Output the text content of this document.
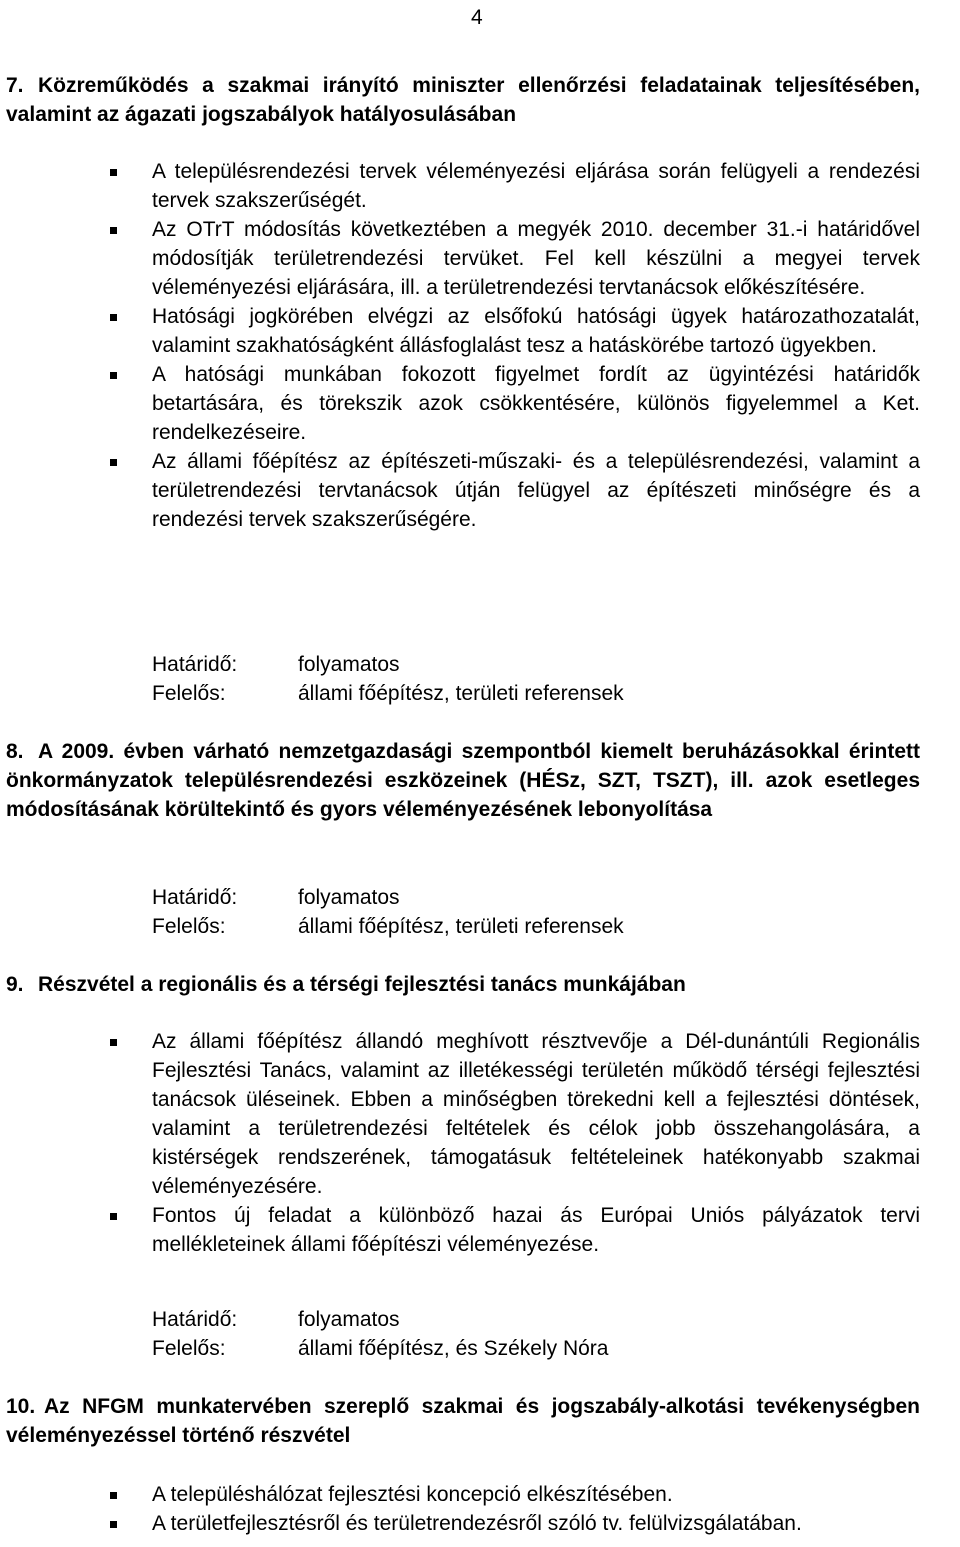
4
7. Közreműködés a szakmai irányító miniszter ellenőrzési feladatainak teljesítésében, valamint az ágazati jogszabályok hatályosulásában
A településrendezési tervek véleményezési eljárása során felügyeli a rendezési tervek szakszerűségét.
Az OTrT módosítás következtében a megyék 2010. december 31.-i határidővel módosítják területrendezési tervüket. Fel kell készülni a megyei tervek véleményezési eljárására, ill. a területrendezési tervtanácsok előkészítésére.
Hatósági jogkörében elvégzi az elsőfokú hatósági ügyek határozathozatalát, valamint szakhatóságként állásfoglalást tesz a hatáskörébe tartozó ügyekben.
A hatósági munkában fokozott figyelmet fordít az ügyintézési határidők betartására, és törekszik azok csökkentésére, különös figyelemmel a Ket. rendelkezéseire.
Az állami főépítész az építészeti-műszaki- és a településrendezési, valamint a területrendezési tervtanácsok útján felügyel az építészeti minőségre és a rendezési tervek szakszerűségére.
Határidő:	folyamatos
Felelős:	állami főépítész, területi referensek
8. A 2009. évben várható nemzetgazdasági szempontból kiemelt beruházásokkal érintett önkormányzatok településrendezési eszközeinek (HÉSz, SZT, TSZT), ill. azok esetleges módosításának körültekintő és gyors véleményezésének lebonyolítása
Határidő:	folyamatos
Felelős:	állami főépítész, területi referensek
9. Részvétel a regionális és a térségi fejlesztési tanács munkájában
Az állami főépítész állandó meghívott résztvevője a Dél-dunántúli Regionális Fejlesztési Tanács, valamint az illetékességi területén működő térségi fejlesztési tanácsok üléseinek. Ebben a minőségben törekedni kell a fejlesztési döntések, valamint a területrendezési feltételek és célok jobb összehangolására, a kistérségek rendszerének, támogatásuk feltételeinek hatékonyabb szakmai véleményezésére.
Fontos új feladat a különböző hazai ás Európai Uniós pályázatok tervi mellékleteinek állami főépítészi véleményezése.
Határidő:	folyamatos
Felelős:	állami főépítész, és Székely Nóra
10. Az NFGM munkatervében szereplő szakmai és jogszabály-alkotási tevékenységben véleményezéssel történő részvétel
A településhálózat fejlesztési koncepció elkészítésében.
A területfejlesztésről és területrendezésről szóló tv. felülvizsgálatában.
